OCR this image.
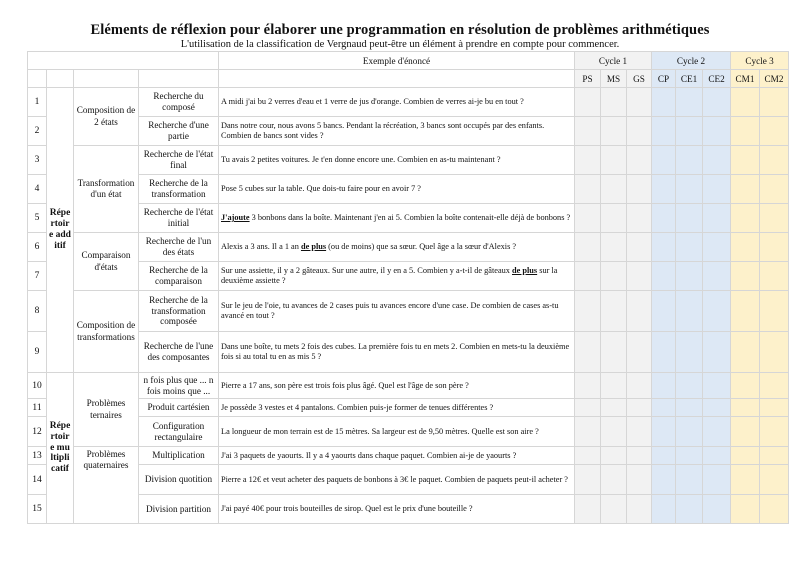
Eléments de réflexion pour élaborer une programmation en résolution de problèmes arithmétiques
L'utilisation de la classification de Vergnaud peut-être un élément à prendre en compte pour commencer.
				Exemple d'énoncé	Cycle 1			Cycle 2			Cycle 3	
					PS	MS	GS	CP	CE1	CE2	CM1	CM2
1	Répertoire additif	Composition de 2 états	Recherche du composé	A midi j'ai bu 2 verres d'eau et 1 verre de jus d'orange. Combien de verres ai-je bu en tout ?								
2			Recherche d'une partie	Dans notre cour, nous avons 5 bancs. Pendant la récréation, 3 bancs sont occupés par des enfants. Combien de bancs sont vides ?								
3		Transformation d'un état	Recherche de l'état final	Tu avais 2 petites voitures. Je t'en donne encore une. Combien en as-tu maintenant ?								
4			Recherche de la transformation	Pose 5 cubes sur la table. Que dois-tu faire pour en avoir 7 ?								
5			Recherche de l'état initial	J'ajoute 3 bonbons dans la boîte. Maintenant j'en ai 5. Combien la boîte contenait-elle déjà de bonbons ?								
6		Comparaison d'états	Recherche de l'un des états	Alexis a 3 ans. Il a 1 an de plus (ou de moins) que sa sœur. Quel âge a la sœur d'Alexis ?								
7			Recherche de la comparaison	Sur une assiette, il y a 2 gâteaux. Sur une autre, il y en a 5. Combien y a-t-il de gâteaux de plus sur la deuxième assiette ?								
8		Composition de transformations	Recherche de la transformation composée	Sur le jeu de l'oie, tu avances de 2 cases puis tu avances encore d'une case. De combien de cases as-tu avancé en tout ?								
9			Recherche de l'une des composantes	Dans une boîte, tu mets 2 fois des cubes. La première fois tu en mets 2. Combien en mets-tu la deuxième fois si au total tu en as mis 5 ?								
10	Répertoire multiplicatif	Problèmes ternaires	n fois plus que ... n fois moins que ...	Pierre a 17 ans, son père est trois fois plus âgé. Quel est l'âge de son père ?								
11			Produit cartésien	Je possède 3 vestes et 4 pantalons. Combien puis-je former de tenues différentes ?								
12			Configuration rectangulaire	La longueur de mon terrain est de 15 mètres. Sa largeur est de 9,50 mètres. Quelle est son aire ?								
13		Problèmes quaternaires	Multiplication	J'ai 3 paquets de yaourts. Il y a 4 yaourts dans chaque paquet. Combien ai-je de yaourts ?								
14			Division quotition	Pierre a 12€ et veut acheter des paquets de bonbons à 3€ le paquet. Combien de paquets peut-il acheter ?								
15			Division partition	J'ai payé 40€ pour trois bouteilles de sirop. Quel est le prix d'une bouteille ?								
